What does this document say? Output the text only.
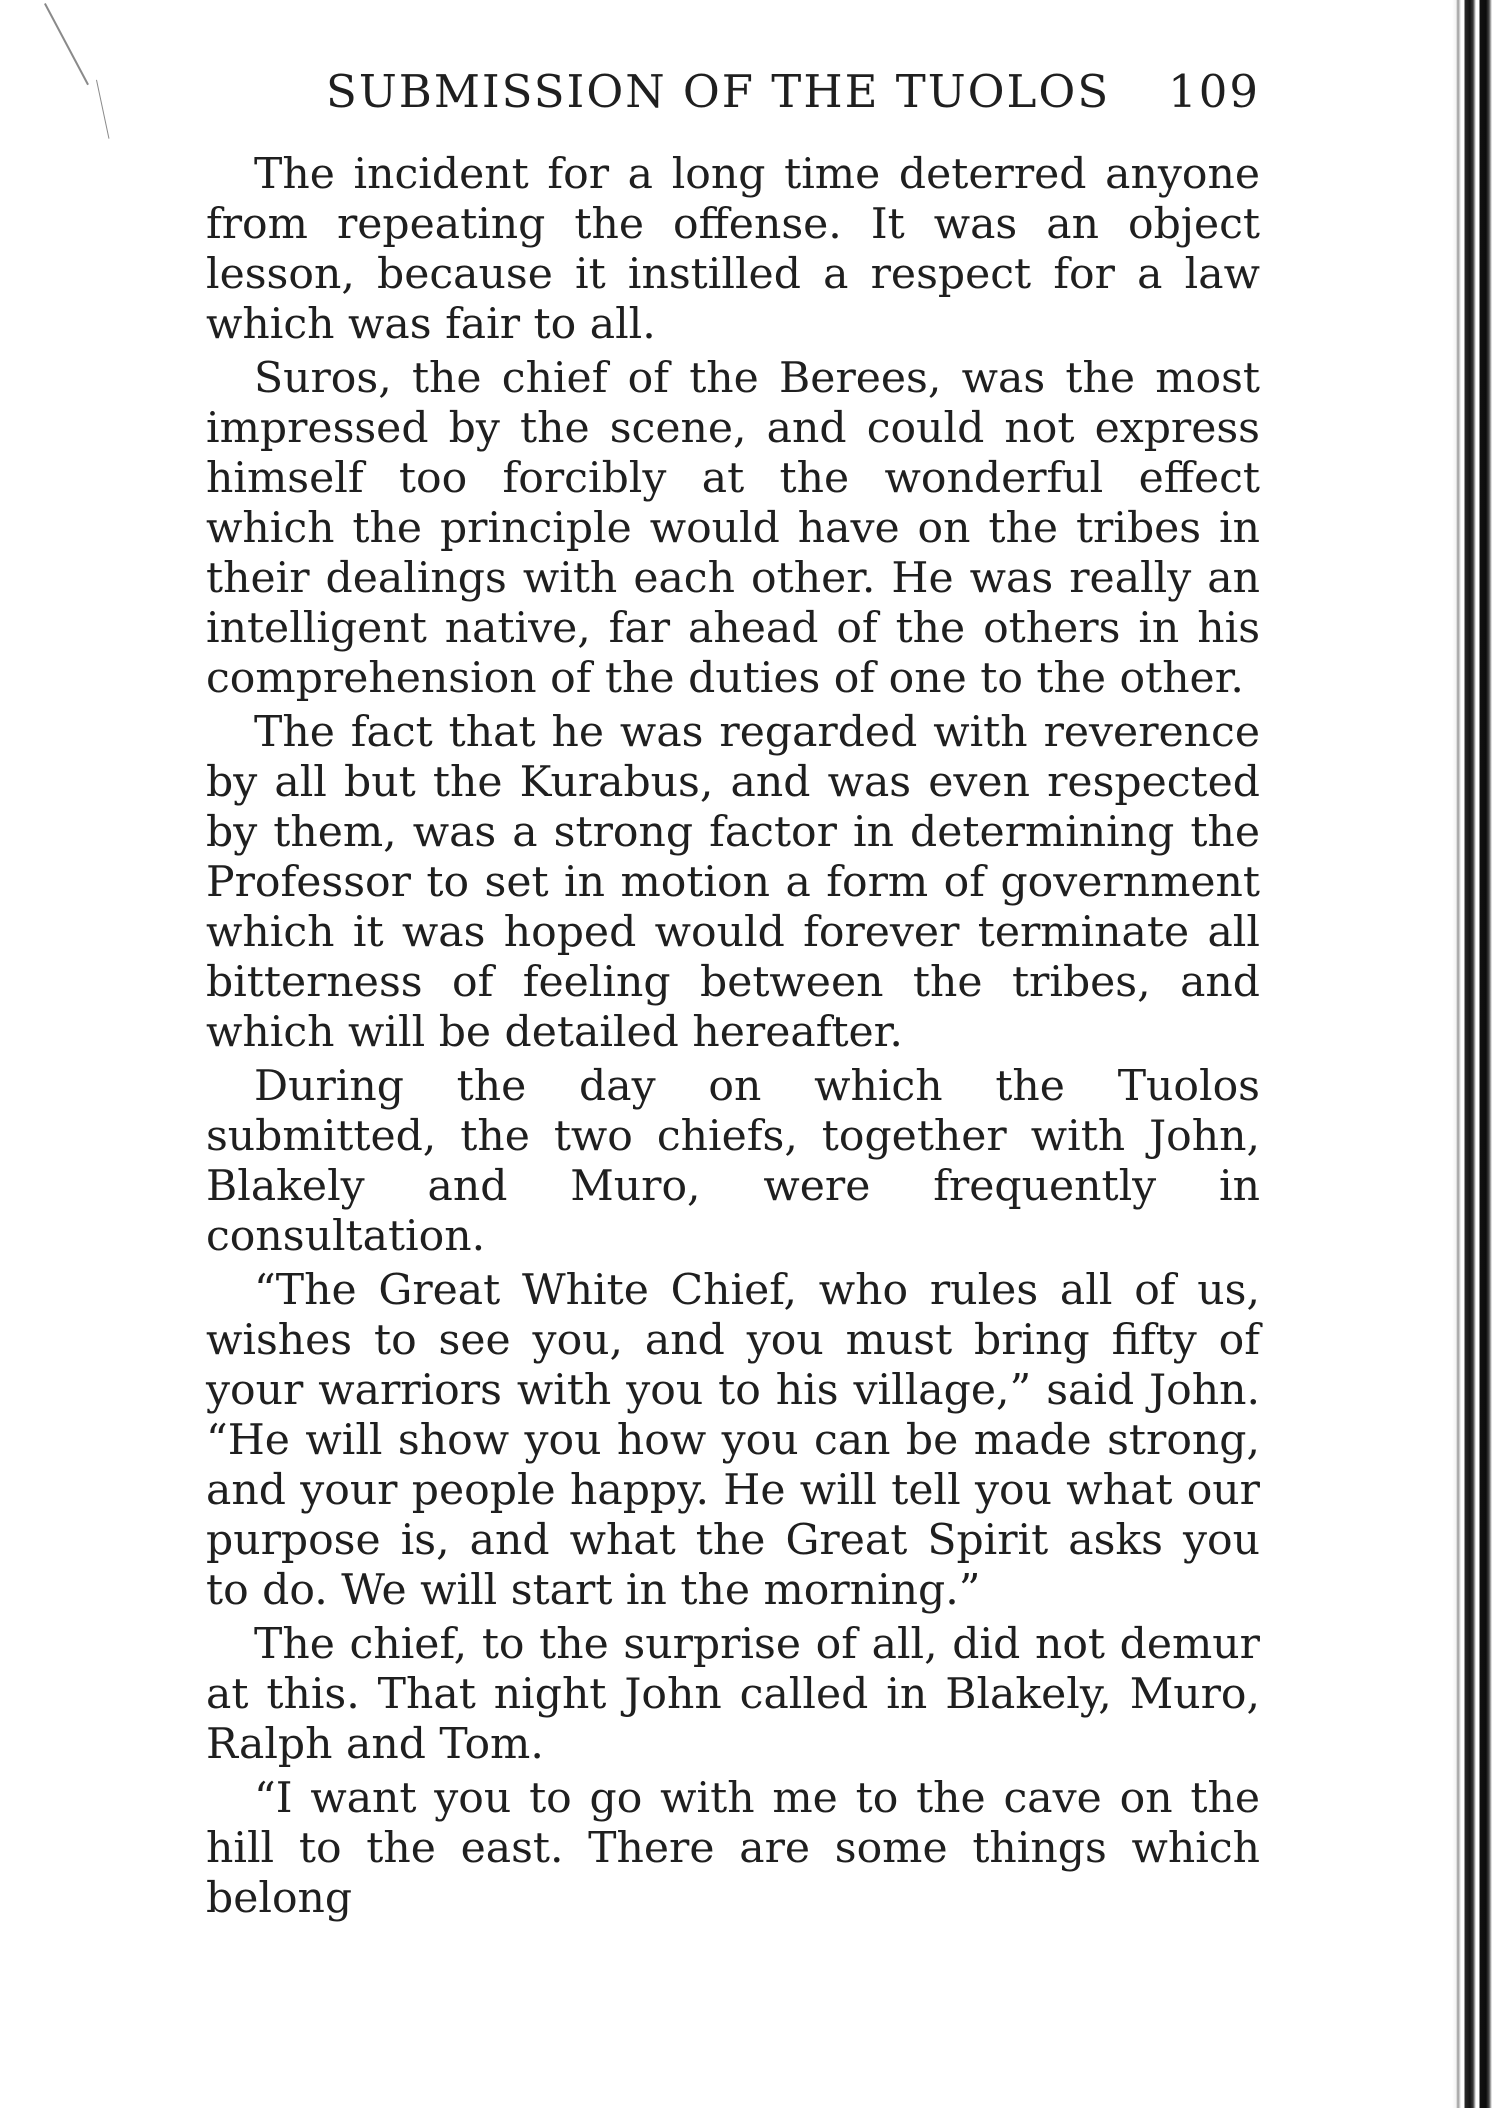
SUBMISSION OF THE TUOLOS 109

The incident for a long time deterred anyone from repeating the offense. It was an object lesson, because it instilled a respect for a law which was fair to all.

Suros, the chief of the Berees, was the most impressed by the scene, and could not express himself too forcibly at the wonderful effect which the principle would have on the tribes in their dealings with each other. He was really an intelligent native, far ahead of the others in his comprehension of the duties of one to the other.

The fact that he was regarded with reverence by all but the Kurabus, and was even respected by them, was a strong factor in determining the Professor to set in motion a form of government which it was hoped would forever terminate all bitterness of feeling between the tribes, and which will be detailed hereafter.

During the day on which the Tuolos submitted, the two chiefs, together with John, Blakely and Muro, were frequently in consultation.

“The Great White Chief, who rules all of us, wishes to see you, and you must bring fifty of your warriors with you to his village,” said John. “He will show you how you can be made strong, and your people happy. He will tell you what our purpose is, and what the Great Spirit asks you to do. We will start in the morning.”

The chief, to the surprise of all, did not demur at this. That night John called in Blakely, Muro, Ralph and Tom.

“I want you to go with me to the cave on the hill to the east. There are some things which belong
